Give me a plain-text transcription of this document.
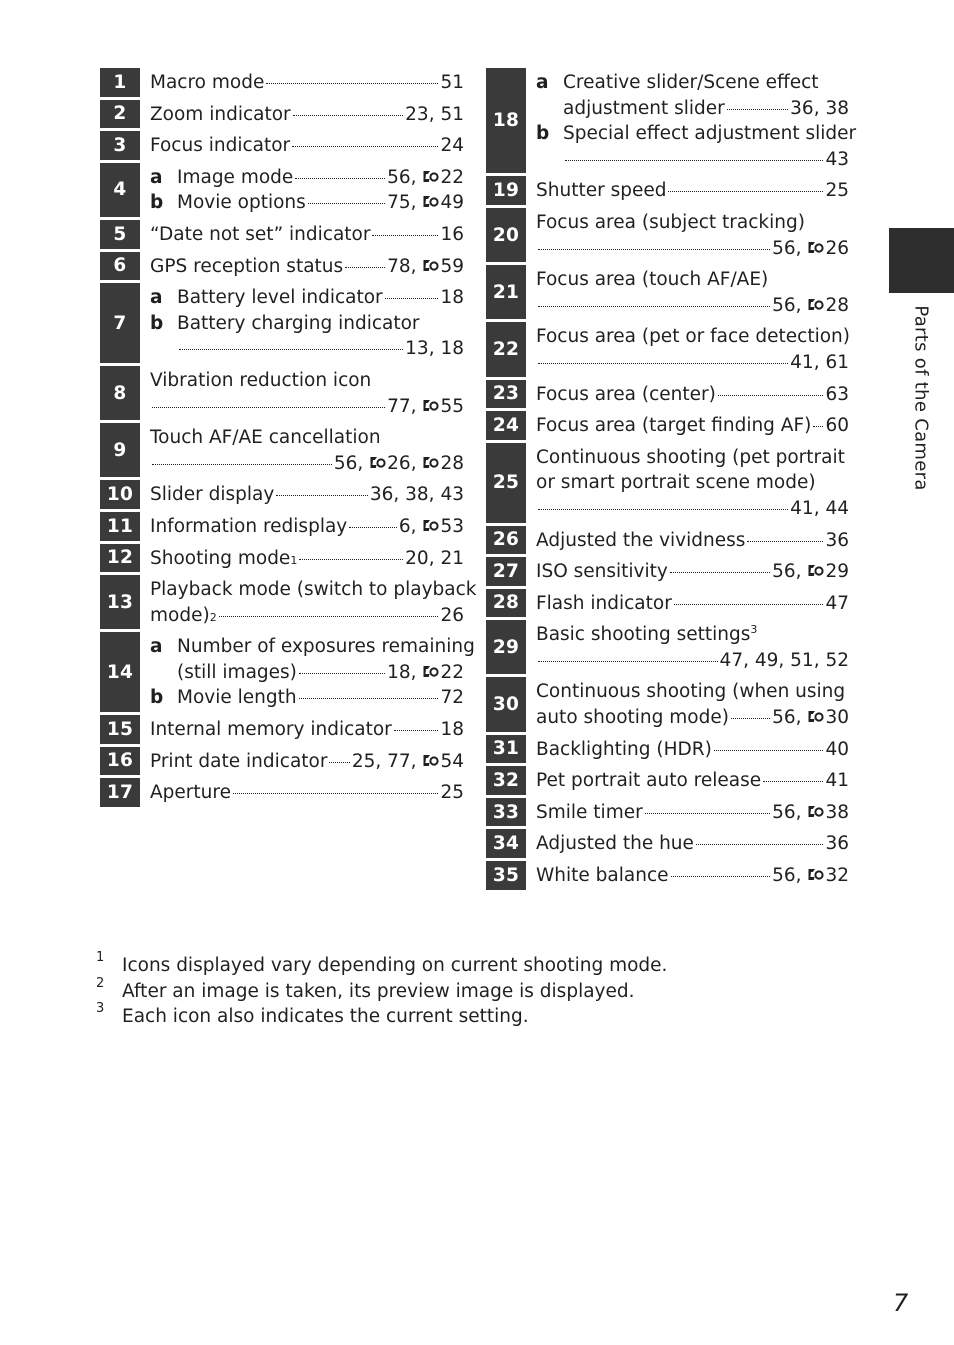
1	Macro mode	51
2	Zoom indicator	23, 51
3	Focus indicator	24
4
a Image mode	56, 22
b Movie options	75, 49
5	“Date not set” indicator	16
6	GPS reception status 78, 59
7
a Battery level indicator	18
b Battery charging indicator
13, 18
8
Vibration reduction icon
77, 55
9
Touch AF/AE cancellation
56, 26, 28
10 Slider display	36, 38, 43
11 Information redisplay	6, 53
12 Shooting mode 1	20, 21
13
Playback mode (switch to playback
mode) 2	26
14
a Number of exposures remaining
(still images)	18, 22
b Movie length	72
15 Internal memory indicator	18
16 Print date indicator 25, 77, 54
17 Aperture	25
18
a Creative slider/Scene effect
adjustment slider	36, 38
b Special effect adjustment slider
43
19 Shutter speed	25
20
Focus area (subject tracking)
56, 26
21
Focus area (touch AF/AE)
56, 28
22
Focus area (pet or face detection)
41, 61
23 Focus area (center)	63
24 Focus area (target finding AF) 60
25
Continuous shooting (pet portrait
or smart portrait scene mode)
41, 44
26 Adjusted the vividness	36
27 ISO sensitivity	56, 29
28 Flash indicator	47
29
Basic shooting settings$^3$
47, 49, 51, 52
30
Continuous shooting (when using
auto shooting mode) 56, 30
31 Backlighting (HDR)	40
32 Pet portrait auto release	41
33 Smile timer	56, 38
34 Adjusted the hue	36
35 White balance	56, 32
Parts of the Camera
1 Icons displayed vary depending on current shooting mode.
2 After an image is taken, its preview image is displayed.
3 Each icon also indicates the current setting.
7
